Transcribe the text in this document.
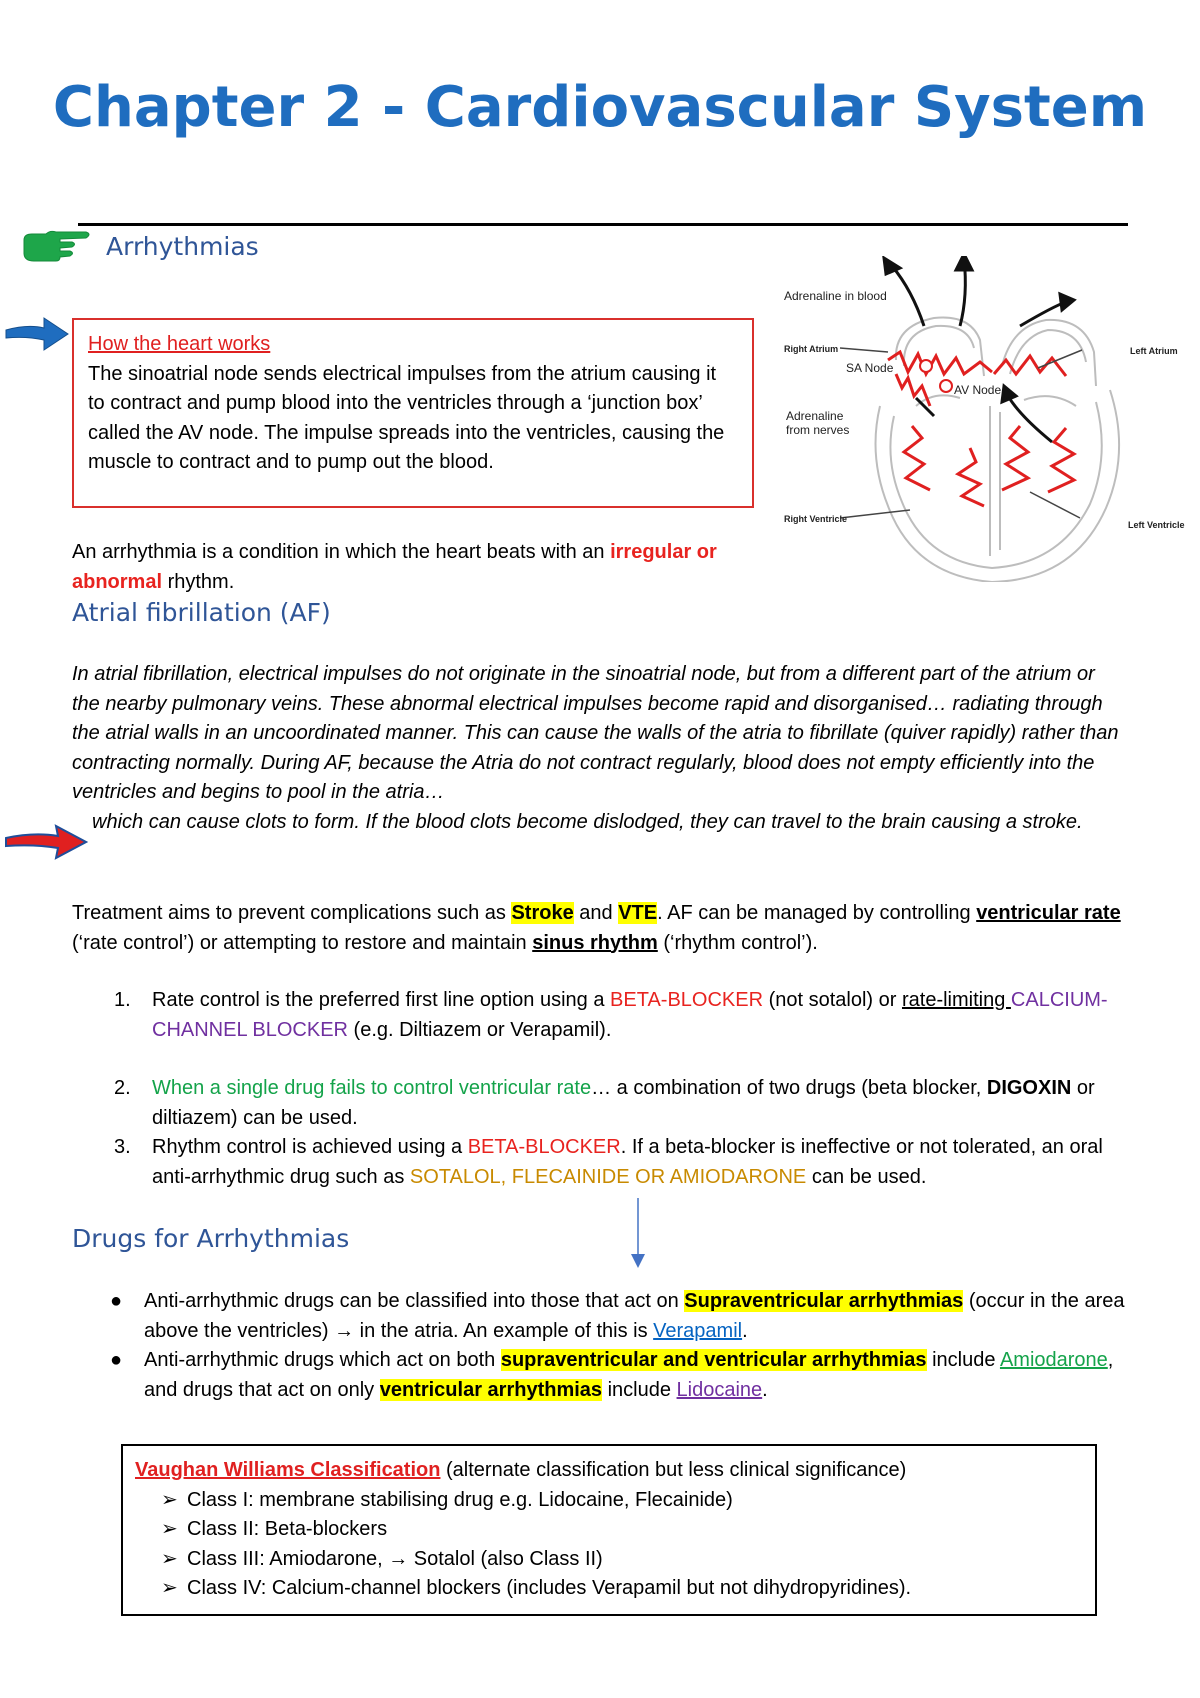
Chapter 2 - Cardiovascular System
Arrhythmias

How the heart works

The sinoatrial node sends electrical impulses from the atrium causing it to contract and pump blood into the ventricles through a ‘junction box’ called the AV node. The impulse spreads into the ventricles, causing the muscle to contract and to pump out the blood.

Adrenaline in blood
Right Atrium
SA Node
AV Node
Adrenaline
from nerves
Right Ventricle
Left Atrium
Left Ventricle

An arrhythmia is a condition in which the heart beats with an irregular or abnormal rhythm.

Atrial fibrillation (AF)

In atrial fibrillation, electrical impulses do not originate in the sinoatrial node, but from a different part of the atrium or the nearby pulmonary veins. These abnormal electrical impulses become rapid and disorganised… radiating through the atrial walls in an uncoordinated manner. This can cause the walls of the atria to fibrillate (quiver rapidly) rather than contracting normally. During AF, because the Atria do not contract regularly, blood does not empty efficiently into the ventricles and begins to pool in the atria…

which can cause clots to form. If the blood clots become dislodged, they can travel to the brain causing a stroke.

Treatment aims to prevent complications such as Stroke and VTE. AF can be managed by controlling ventricular rate (‘rate control’) or attempting to restore and maintain sinus rhythm (‘rhythm control’).

1. Rate control is the preferred first line option using a BETA-BLOCKER (not sotalol) or rate-limiting CALCIUM-CHANNEL BLOCKER (e.g. Diltiazem or Verapamil).
2. When a single drug fails to control ventricular rate… a combination of two drugs (beta blocker, DIGOXIN or diltiazem) can be used.
3. Rhythm control is achieved using a BETA-BLOCKER. If a beta-blocker is ineffective or not tolerated, an oral anti-arrhythmic drug such as SOTALOL, FLECAINIDE OR AMIODARONE can be used.
Drugs for Arrhythmias
● Anti-arrhythmic drugs can be classified into those that act on Supraventricular arrhythmias (occur in the area above the ventricles) → in the atria. An example of this is Verapamil.
● Anti-arrhythmic drugs which act on both supraventricular and ventricular arrhythmias include Amiodarone, and drugs that act on only ventricular arrhythmias include Lidocaine.

Vaughan Williams Classification (alternate classification but less clinical significance)

➢ Class I: membrane stabilising drug e.g. Lidocaine, Flecainide)
➢ Class II: Beta-blockers
➢ Class III: Amiodarone, → Sotalol (also Class II)
➢ Class IV: Calcium-channel blockers (includes Verapamil but not dihydropyridines).
